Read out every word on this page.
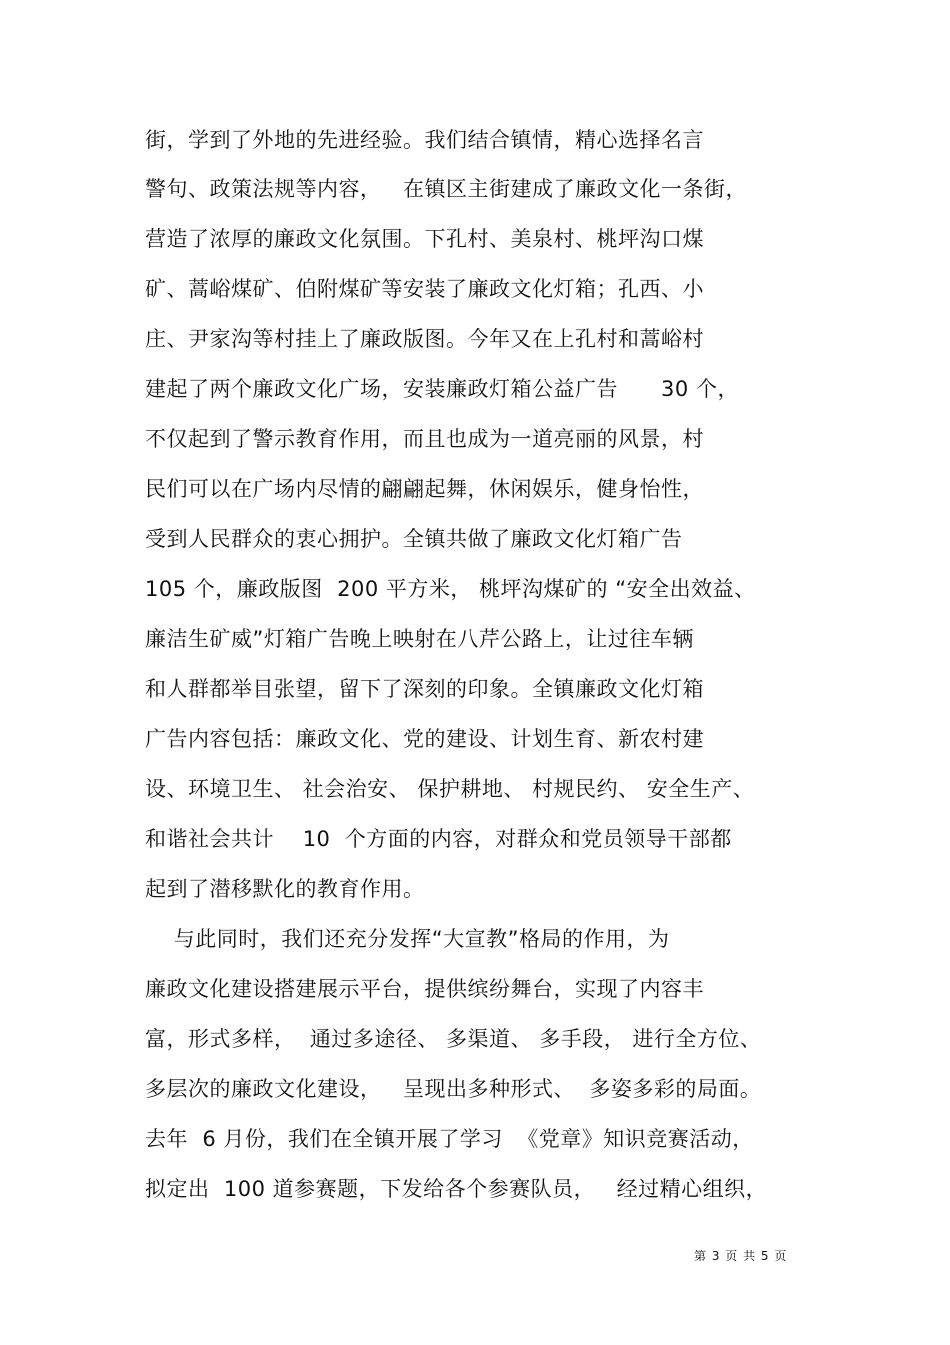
街，学到了外地的先进经验。我们结合镇情，精心选择名言
警句、政策法规等内容，   在镇区主街建成了廉政文化一条街，
营造了浓厚的廉政文化氛围。下孔村、美泉村、桃坪沟口煤
矿、蒿峪煤矿、伯附煤矿等安装了廉政文化灯箱；孔西、小
庄、尹家沟等村挂上了廉政版图。今年又在上孔村和蒿峪村
建起了两个廉政文化广场，安装廉政灯箱公益广告      30 个，
不仅起到了警示教育作用，而且也成为一道亮丽的风景，村
民们可以在广场内尽情的翩翩起舞，休闲娱乐，健身怡性，
受到人民群众的衷心拥护。全镇共做了廉政文化灯箱广告
105 个，廉政版图  200 平方米， 桃坪沟煤矿的 “安全出效益、
廉洁生矿威”灯箱广告晚上映射在八芹公路上，让过往车辆
和人群都举目张望，留下了深刻的印象。全镇廉政文化灯箱
广告内容包括：廉政文化、党的建设、计划生育、新农村建
设、环境卫生、 社会治安、 保护耕地、 村规民约、 安全生产、
和谐社会共计    10  个方面的内容，对群众和党员领导干部都
起到了潜移默化的教育作用。
与此同时，我们还充分发挥“大宣教”格局的作用，为
廉政文化建设搭建展示平台，提供缤纷舞台，实现了内容丰
富，形式多样，  通过多途径、 多渠道、 多手段， 进行全方位、
多层次的廉政文化建设，   呈现出多种形式、  多姿多彩的局面。
去年  6 月份，我们在全镇开展了学习  《党章》知识竞赛活动，
拟定出  100 道参赛题，下发给各个参赛队员，   经过精心组织，
第 3 页 共 5 页
